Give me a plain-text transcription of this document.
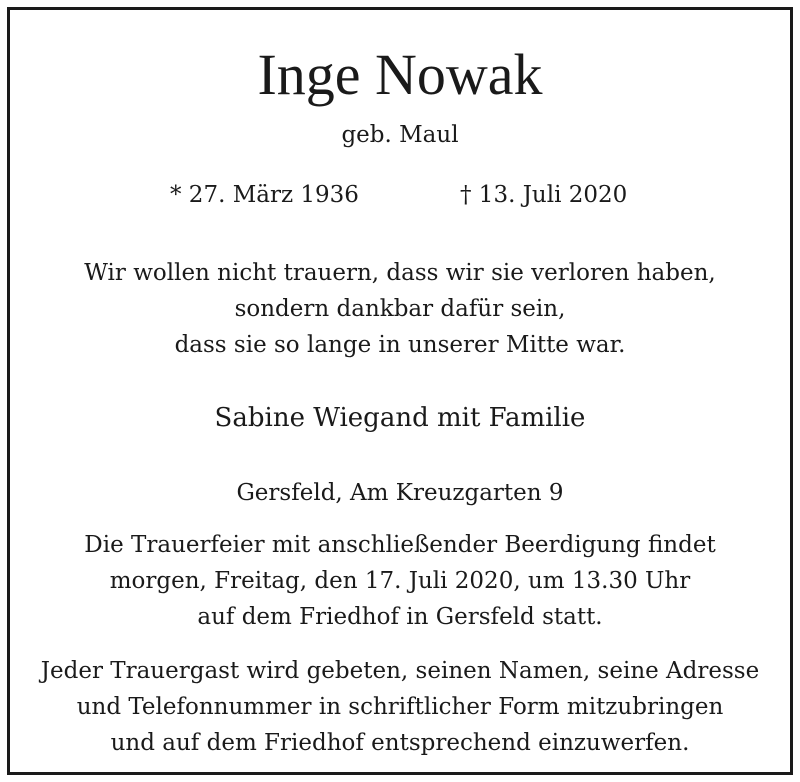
Inge Nowak
geb. Maul
* 27. März 1936	† 13. Juli 2020
Wir wollen nicht trauern, dass wir sie verloren haben,
sondern dankbar dafür sein,
dass sie so lange in unserer Mitte war.
Sabine Wiegand mit Familie
Gersfeld, Am Kreuzgarten 9
Die Trauerfeier mit anschließender Beerdigung findet
morgen, Freitag, den 17. Juli 2020, um 13.30 Uhr
auf dem Friedhof in Gersfeld statt.
Jeder Trauergast wird gebeten, seinen Namen, seine Adresse
und Telefonnummer in schriftlicher Form mitzubringen
und auf dem Friedhof entsprechend einzuwerfen.
